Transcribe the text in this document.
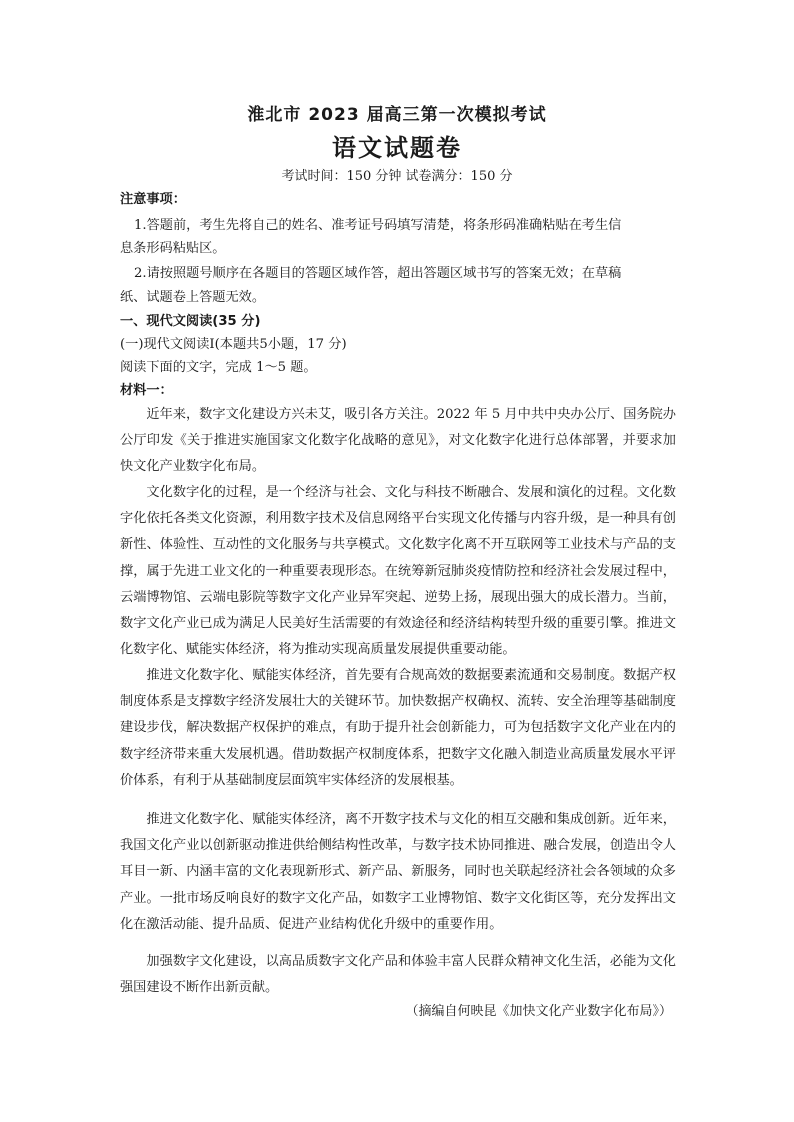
淮北市 2023 届高三第一次模拟考试
语文试题卷
考试时间：150 分钟 试卷满分：150 分
注意事项：
1.答题前，考生先将自己的姓名、准考证号码填写清楚，将条形码准确粘贴在考生信
息条形码粘贴区。
2.请按照题号顺序在各题目的答题区域作答，超出答题区域书写的答案无效；在草稿
纸、试题卷上答题无效。
一、现代文阅读(35 分)
(一)现代文阅读Ⅰ(本题共5小题，17 分)
阅读下面的文字，完成 1～5 题。
材料一：
近年来，数字文化建设方兴未艾，吸引各方关注。2022 年 5 月中共中央办公厅、国务院办公厅印发《关于推进实施国家文化数字化战略的意见》，对文化数字化进行总体部署，并要求加快文化产业数字化布局。
文化数字化的过程，是一个经济与社会、文化与科技不断融合、发展和演化的过程。文化数字化依托各类文化资源，利用数字技术及信息网络平台实现文化传播与内容升级，是一种具有创新性、体验性、互动性的文化服务与共享模式。文化数字化离不开互联网等工业技术与产品的支撑，属于先进工业文化的一种重要表现形态。在统筹新冠肺炎疫情防控和经济社会发展过程中，云端博物馆、云端电影院等数字文化产业异军突起、逆势上扬，展现出强大的成长潜力。当前，数字文化产业已成为满足人民美好生活需要的有效途径和经济结构转型升级的重要引擎。推进文化数字化、赋能实体经济，将为推动实现高质量发展提供重要动能。
推进文化数字化、赋能实体经济，首先要有合规高效的数据要素流通和交易制度。数据产权制度体系是支撑数字经济发展壮大的关键环节。加快数据产权确权、流转、安全治理等基础制度建设步伐，解决数据产权保护的难点，有助于提升社会创新能力，可为包括数字文化产业在内的数字经济带来重大发展机遇。借助数据产权制度体系，把数字文化融入制造业高质量发展水平评价体系，有利于从基础制度层面筑牢实体经济的发展根基。
推进文化数字化、赋能实体经济，离不开数字技术与文化的相互交融和集成创新。近年来，我国文化产业以创新驱动推进供给侧结构性改革，与数字技术协同推进、融合发展，创造出令人耳目一新、内涵丰富的文化表现新形式、新产品、新服务，同时也关联起经济社会各领域的众多产业。一批市场反响良好的数字文化产品，如数字工业博物馆、数字文化街区等，充分发挥出文化在激活动能、提升品质、促进产业结构优化升级中的重要作用。
加强数字文化建设，以高品质数字文化产品和体验丰富人民群众精神文化生活，必能为文化强国建设不断作出新贡献。
（摘编自何映昆《加快文化产业数字化布局》）
